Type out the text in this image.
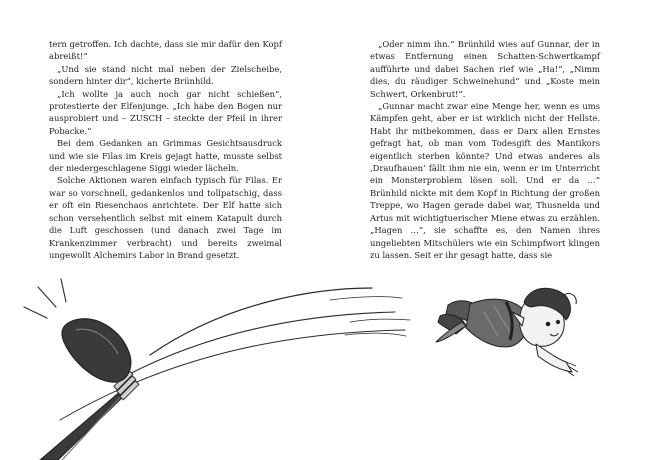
tern getroffen. Ich dachte, dass sie mir dafür den Kopf abreißt!“

„Und sie stand nicht mal neben der Zielscheibe, sondern hinter dir“, kicherte Brünhild.

„Ich wollte ja auch noch gar nicht schießen“, protestierte der Elfenjunge. „Ich habe den Bogen nur ausprobiert und – ZUSCH – steckte der Pfeil in ihrer Pobacke.“

Bei dem Gedanken an Grimmas Gesichtsausdruck und wie sie Filas im Kreis gejagt hatte, musste selbst der niedergeschlagene Siggi wieder lächeln.

Solche Aktionen waren einfach typisch für Filas. Er war so vorschnell, gedankenlos und tollpatschig, dass er oft ein Riesenchaos anrichtete. Der Elf hatte sich schon versehentlich selbst mit einem Katapult durch die Luft geschossen (und danach zwei Tage im Krankenzimmer verbracht) und bereits zweimal ungewollt Alchemirs Labor in Brand gesetzt.

„Oder nimm ihn.“ Brünhild wies auf Gunnar, der in etwas Entfernung einen Schatten-Schwertkampf aufführte und dabei Sachen rief wie „Ha!“, „Nimm dies, du räudiger Schweinehund“ und „Koste mein Schwert, Orkenbrut!“.

„Gunnar macht zwar eine Menge her, wenn es ums Kämpfen geht, aber er ist wirklich nicht der Hellste. Habt ihr mitbekommen, dass er Darx allen Ernstes gefragt hat, ob man vom Todesgift des Mantikors eigentlich sterben könnte? Und etwas anderes als ‚Draufhauen‘ fällt ihm nie ein, wenn er im Unterricht ein Monsterproblem lösen soll. Und er da …“ Brünhild nickte mit dem Kopf in Richtung der großen Treppe, wo Hagen gerade dabei war, Thusnelda und Artus mit wichtigtuerischer Miene etwas zu erzählen. „Hagen …“, sie schaffte es, den Namen ihres ungeliebten Mitschülers wie ein Schimpfwort klingen zu lassen. Seit er ihr gesagt hatte, dass sie
